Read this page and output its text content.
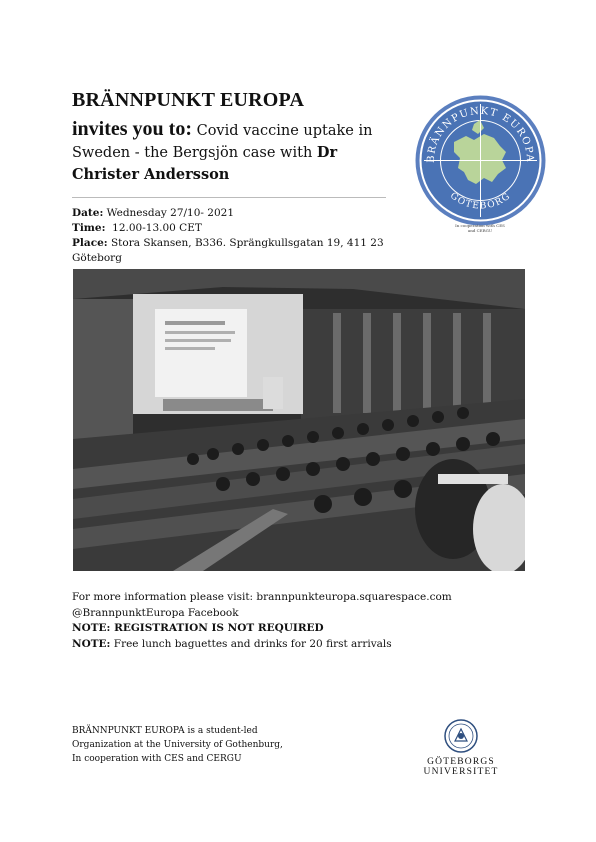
BRÄNNPUNKT EUROPA
invites you to: Covid vaccine uptake in Sweden - the Bergsjön case with Dr Christer Andersson
Date: Wednesday 27/10- 2021
Time: 12.00-13.00 CET
Place: Stora Skansen, B336. Sprängkullsgatan 19, 411 23 Göteborg
BRÄNNPUNKT EUROPA
GÖTEBORG
In cooperation with CES and CERGU
For more information please visit: brannpunkteuropa.squarespace.com
@BrannpunktEuropa Facebook
NOTE: REGISTRATION IS NOT REQUIRED
NOTE: Free lunch baguettes and drinks for 20 first arrivals
BRÄNNPUNKT EUROPA is a student-led
Organization at the University of Gothenburg,
In cooperation with CES and CERGU	GÖTEBORGS UNIVERSITET
